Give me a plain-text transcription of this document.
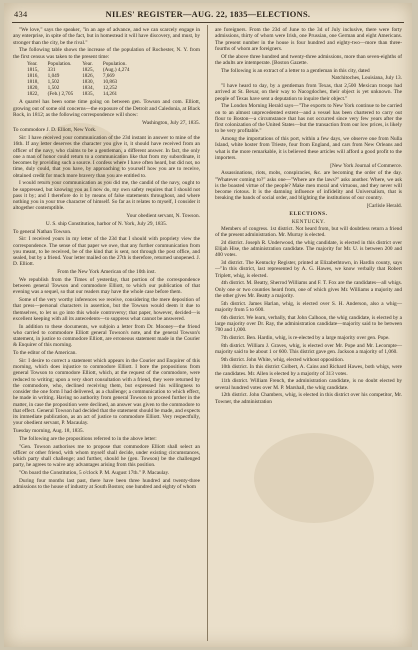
434	NILES' REGISTER—AUG. 22, 1835—ELECTIONS.

"We love," says the speaker, "in an age of advance, and we can scarcely engage in any enterprise, in spite of the fact, but in homestead it will have discovery, and must, by stronger than the city, be the rival."

The following table shows the increase of the population of Rochester, N. Y. from the first census was taken to the present time:

Year.	Population.	Year.	Population.
1815,	331	1825,	(Aug.) 4,274
1816,	1,049	1826,	7,669
1818,	1,502	1830,	10,863
1820,	1,502	1834,	12,252
1822,	(Feb.) 2,705	1835,	14,261

A quarrel has been some time going on between gen. Towson and com. Elliott, growing out of some old concerns—the exposure of the Detroit and Caledonia, at Black Rock, in 1812; as the following correspondence will show:

Washington, July 27, 1835.

To commodore J. D. Elliott, New York.

Sir: I have received your communication of the 23d instant in answer to mine of the 16th. If any letter deserves the character you give it, it should have received from an officer of the navy, who claims to be a gentleman, a different answer. In fact, the only one a man of honor could return to a communication like that from my subordinate, it becomes by providing such a source. I confess where I have often heard, but did not, no time, duly could, that you have, by approaching to yourself how you are to receive, obtained credit for much more bravery than you are entitled to.

I would return your communication as you did me, the candid of the navy, ought to be suppressed, but knowing you as I now do, my own safety requires that I should not pass it by; and I therefore do it by means of false statements throughout, and where nothing you in your true character of himself. So far as it relates to myself, I consider it altogether contemptible.

Your obedient servant, N. Towson.

U. S. ship Constitution, harbor of N. York, July 29, 1835.

To general Nathan Towson.

Sir: I received yours in my letter of the 23d that I should with propriety view the correspondence. The sense of that paper we owe, that any further communication from you meant, to be received, be of the kind that is sent, not through the post office, and sealed, but by a friend. Your letter mailed on the 27th is therefore, returned unopened. J. D. Elliott.

From the New York American of the 10th inst.

We republish from the Times of yesterday, that portion of the correspondence between general Towson and commodore Elliott, to which our publication of that evening was a sequel, so that our readers may have the whole case before them.

Some of the very worthy inferences we receive, considering the mere deposition of that press—personal characters in assertion, but the Towson would deem it due to themselves, to let us go into this whole controversy; that paper, however, decided—is excellent keeping with all its antecedents—to suppress what cannot be answered.

In addition to these documents, we subjoin a letter from Dr. Mooney—the friend who carried to commodore Elliott general Towson's note, and the general Towson's statement, in justice to commodore Elliott, are erroneous statement made in the Courier & Enquirer of this morning.

To the editor of the American.

Sir: I desire to correct a statement which appears in the Courier and Enquirer of this morning, which does injustice to commodore Elliott. I bore the propositions from general Towson to commodore Elliott, which, at the request of the commodore, were reduced to writing; upon a very short consultation with a friend, they were returned by the commodore, who, declined receiving them, but expressed his willingness to consider the one form I had delivered, as a challenge; a communication to which effect, he made in writing. Having no authority from general Towson to proceed further in the matter, in case the proposition were declined, an answer was given to the commodore to that effect. General Towson had decided that the statement should be made, and expects its immediate publication, as an act of justice to commodore Elliott. Very respectfully, your obedient servant, P. Macaulay.

Tuesday morning, Aug. 18, 1835.

The following are the propositions referred to in the above letter:

"Gen. Towson authorises me to propose that commodore Elliott shall select an officer or other friend, with whom myself shall decide, under existing circumstances, which party shall challenge; and further, should he (gen. Towson) be the challenged party, he agrees to waive any advantages arising from this position.

"On board the Constitution, 5 o'clock P. M. August 17th." P. Macaulay.

During four months last past, there have been three hundred and twenty-three admissions to the house of industry at South Boston; one hundred and eighty of whom

are foreigners. From the 23d of June to the 3d of July inclusive, there were forty admissions, thirty of whom were Irish, one Prussian, one German and eight Americans. The present number in the house is four hundred and eighty-two—more than three-fourths of whom are foreigners.

Of the above three hundred and twenty-three admissions, more than seven-eighths of the adults are intemperate. [Boston Gazette.

The following is an extract of a letter to a gentleman in this city, dated

Natchitoches, Louisiana, July 13.

"I have heard to day, by a gentleman from Texas, that 2,500 Mexican troops had arrived at St. Bexar, on their way to Nacogdoches, their object is yet unknown. The people of Texas have sent a deputation to inquire their object."

The London Morning Herald says—"The exports to New York continue to be carried on to an almost unprecedented extent—and a vessel has been chartered to carry out flour to Boston—a circumstance that has not occurred since very few years after the first colonization of the United States—but the transaction from our low prices, is likely to be very profitable."

Among the importations of this port, within a few days, we observe one from Nulla Island, white hoster from Trieste, four from England, and cars from New Orleans and what is the more remarkable, it is believed these articles will afford a good profit to the importers.

[New York Journal of Commerce.

Assassinations, riots, mobs, conspiracies, &c. are becoming the order of the day. "Whatever coming to?" asks one—"Where are the laws?" asks another. Where, we ask is the boasted virtue of the people? Make men moral and virtuous, and they never will become riotous. It is the damning influence of infidelity and Universalism, that is breaking the bands of social order, and blighting the institutions of our country.

[Carlisle Herald.

ELECTIONS.
KENTUCKY.

Members of congress. 1st district. Not heard from, but will doubtless return a friend of the present administration. Mr. Murray is elected.

2d district. Joseph R. Underwood, the whig candidate, is elected in this district over Elijah Hise, the administration candidate. The majority for Mr. U. is between 200 and 400 votes.

3d district. The Kentucky Register, printed at Elizabethtown, in Hardin county, says—"In this district, last represented by A. G. Hawes, we know verbally that Robert Triplett, whig, is elected.

4th district. M. Beatty, Sherrod Williams and F. T. Fox are the candidates—all whigs. Only one or two counties heard from, one of which gives Mr. Williams a majority and the other gives Mr. Beatty a majority.

5th district. James Harlan, whig, is elected over S. H. Anderson, also a whig—majority from 5 to 600.

6th district. We learn, verbally, that John Calhoon, the whig candidate, is elected by a large majority over Dr. Ray, the administration candidate—majority said to be between 700 and 1,000.

7th district. Ben. Hardin, whig, is re-elected by a large majority over gen. Pope.

8th district. William J. Graves, whig, is elected over Mr. Pope and Mr. Lecompte—majority said to be about 1 or 600. This district gave gen. Jackson a majority of 1,060.

9th district. John White, whig, elected without opposition.

10th district. In this district Colbert, A. Cains and Richard Hawes, both whigs, were the candidates. Mr. Allen is elected by a majority of 313 votes.

11th district. William French, the administration candidate, is no doubt elected by several hundred votes over M. P. Marshall, the whig candidate.

12th district. John Chambers, whig, is elected in this district over his competitor, Mr. Towner, the administration
